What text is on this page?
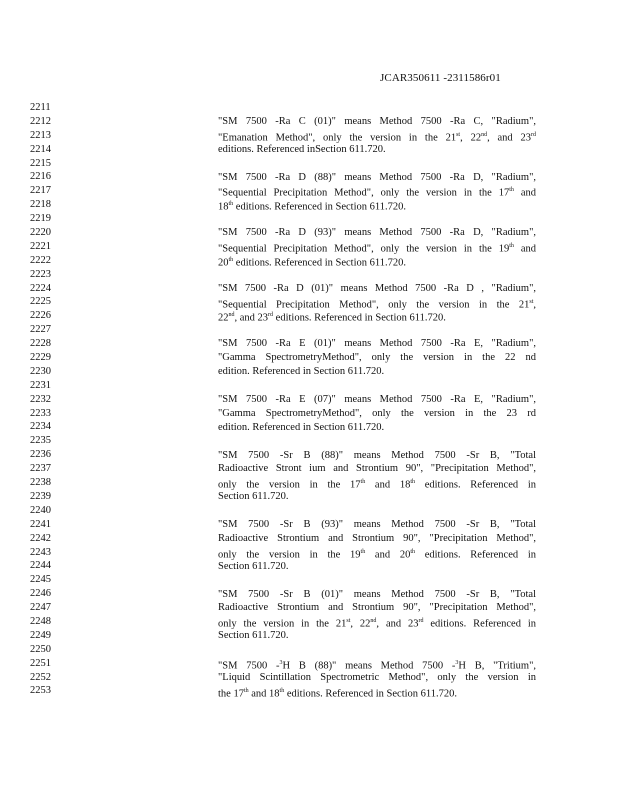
JCAR350611 -2311586r01
2211
2212
2213
2214
2215
2216
2217
2218
2219
2220
2221
2222
2223
2224
2225
2226
2227
2228
2229
2230
2231
2232
2233
2234
2235
2236
2237
2238
2239
2240
2241
2242
2243
2244
2245
2246
2247
2248
2249
2250
2251
2252
2253
"SM 7500 -Ra C (01)" means Method 7500 -Ra C, "Radium",
"Emanation Method", only the version in the 21st, 22nd, and 23rd
editions. Referenced inSection 611.720.
"SM 7500 -Ra D (88)" means Method 7500 -Ra D, "Radium",
"Sequential Precipitation Method", only the version in the 17th and
18th editions. Referenced in Section 611.720.
"SM 7500 -Ra D (93)" means Method 7500 -Ra D, "Radium",
"Sequential Precipitation Method", only the version in the 19th and
20th editions. Referenced in Section 611.720.
"SM 7500 -Ra D (01)" means Method 7500 -Ra D , "Radium",
"Sequential Precipitation Method", only the version in the 21st,
22nd, and 23rd editions. Referenced in Section 611.720.
"SM 7500 -Ra E (01)" means Method 7500 -Ra E, "Radium",
"Gamma SpectrometryMethod", only the version in the 22 nd
edition. Referenced in Section 611.720.
"SM 7500 -Ra E (07)" means Method 7500 -Ra E, "Radium",
"Gamma SpectrometryMethod", only the version in the 23 rd
edition. Referenced in Section 611.720.
"SM 7500 -Sr B (88)" means Method 7500 -Sr B, "Total
Radioactive Stront ium and Strontium 90", "Precipitation Method",
only the version in the 17th and 18th editions. Referenced in
Section 611.720.
"SM 7500 -Sr B (93)" means Method 7500 -Sr B, "Total
Radioactive Strontium and Strontium 90", "Precipitation Method",
only the version in the 19th and 20th editions. Referenced in
Section 611.720.
"SM 7500 -Sr B (01)" means Method 7500 -Sr B, "Total
Radioactive Strontium and Strontium 90", "Precipitation Method",
only the version in the 21st, 22nd, and 23rd editions. Referenced in
Section 611.720.
"SM 7500 -$^3$H B (88)" means Method 7500 -$^3$H B, "Tritium",
"Liquid Scintillation Spectrometric Method", only the version in
the 17th and 18th editions. Referenced in Section 611.720.
